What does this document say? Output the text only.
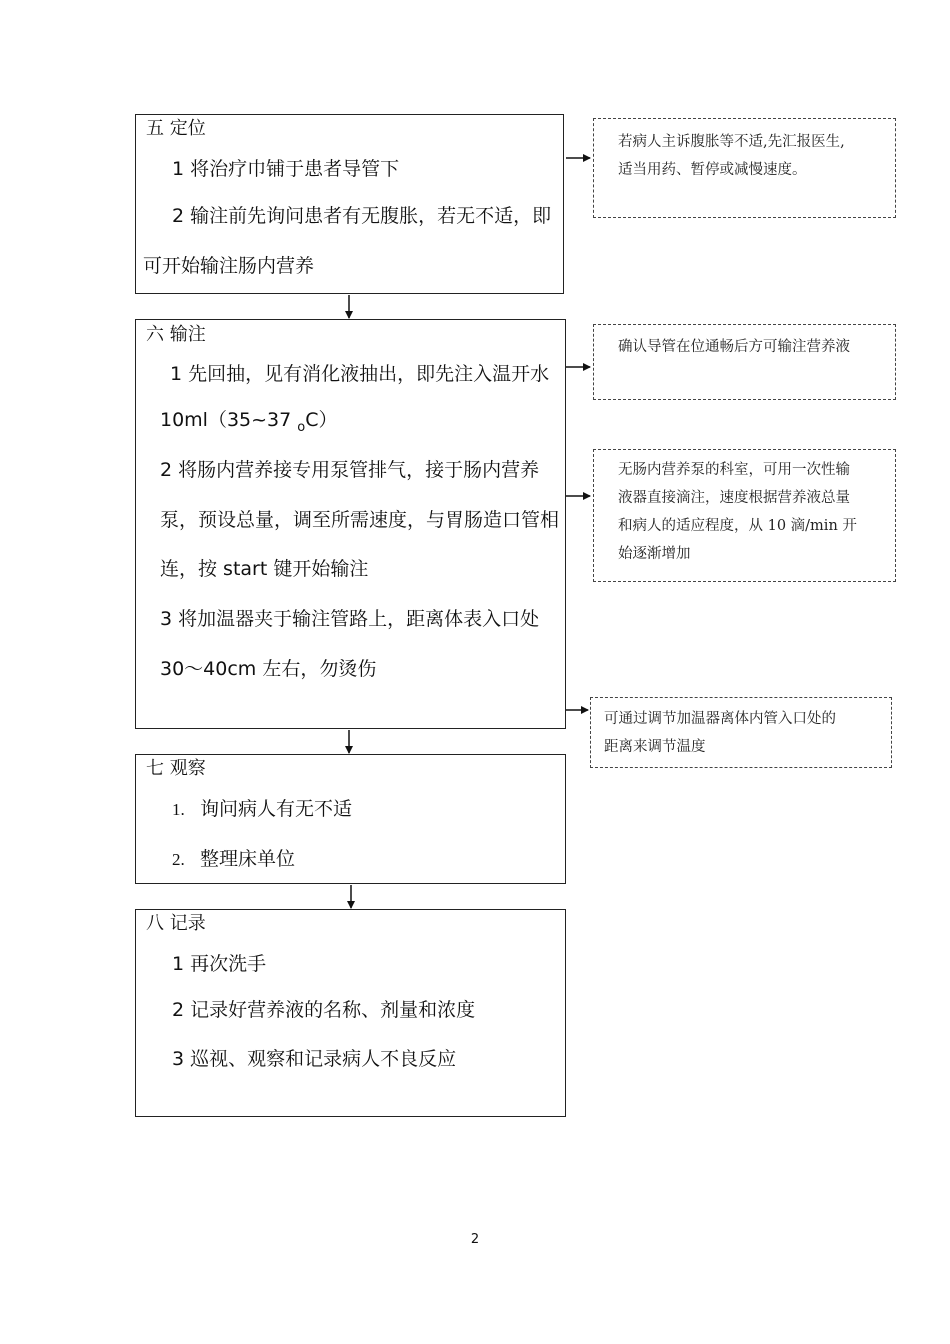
五 定位
1 将治疗巾铺于患者导管下
2 输注前先询问患者有无腹胀，若无不适，即
可开始输注肠内营养
六 输注
1 先回抽，见有消化液抽出，即先注入温开水
10ml（35~37 $_o$C）
2 将肠内营养接专用泵管排气，接于肠内营养
泵，预设总量，调至所需速度，与胃肠造口管相
连，按 start 键开始输注
3 将加温器夹于输注管路上，距离体表入口处
30～40cm 左右，勿烫伤
七 观察
1. 询问病人有无不适
2. 整理床单位
八 记录
1 再次洗手
2 记录好营养液的名称、剂量和浓度
3 巡视、观察和记录病人不良反应
若病人主诉腹胀等不适,先汇报医生,
适当用药、暂停或减慢速度。
确认导管在位通畅后方可输注营养液
无肠内营养泵的科室，可用一次性输
液器直接滴注，速度根据营养液总量
和病人的适应程度，从 10 滴/min 开
始逐渐增加
可通过调节加温器离体内管入口处的
距离来调节温度
2
